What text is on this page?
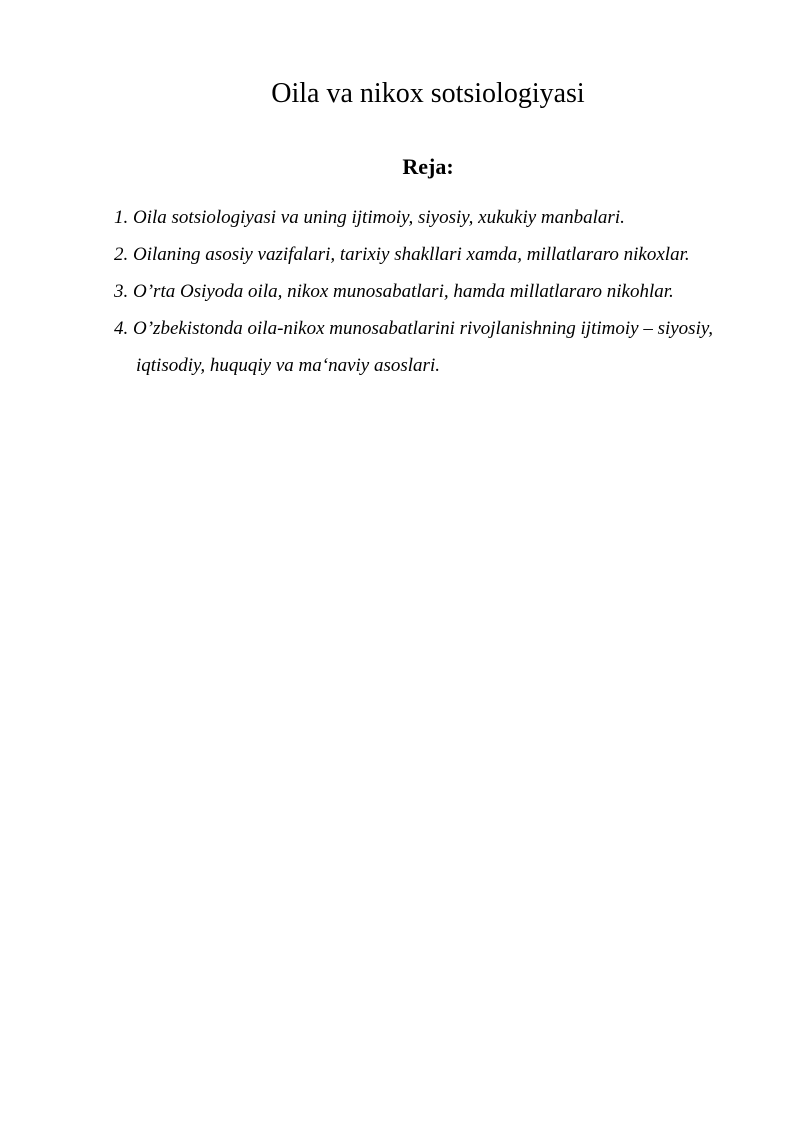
Oila va nikox sotsiologiyasi
Reja:
1. Oila sotsiologiyasi va uning ijtimoiy, siyosiy, xukukiy manbalari.
2. Oilaning asosiy vazifalari, tarixiy shakllari xamda, millatlararo nikoxlar.
3. O’rta Osiyoda oila, nikox munosabatlari, hamda millatlararo nikohlar.
4. O’zbekistonda oila-nikox munosabatlarini rivojlanishning ijtimoiy – siyosiy,
iqtisodiy, huquqiy va ma‘naviy asoslari.
